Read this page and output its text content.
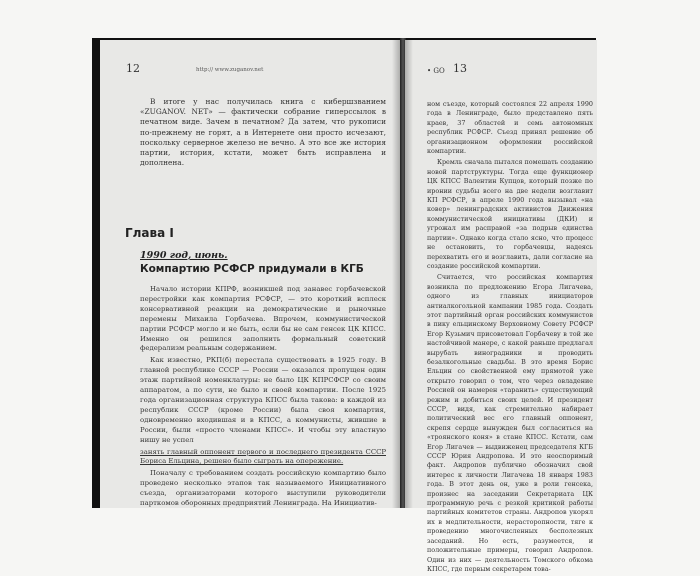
12	http:// www.zuganov.net

В итоге у нас получилась книга с кибершзванием «ZUGANOV. NET» — фактически собрание гиперссылок в печатном виде. Зачем в печатном? Да затем, что рукописи по-прежнему не горят, а в Интернете они просто исчезают, поскольку серверное железо не вечно. А это все же история партии, история, кстати, может быть исправлена и дополнена.

Глава I
1990 год, июнь.
Компартию РСФСР придумали в КГБ

Начало истории КПРФ, возникшей под занавес горбачевской перестройки как компартия РСФСР, — это короткий всплеск консервативной реакции на демократические и рыночные перемены Михаила Горбачева. Впрочем, коммунистической партии РСФСР могло и не быть, если бы не сам генсек ЦК КПСС. Именно он решился заполнить формальный советский федерализм реальным содержанием.

Как известно, РКП(б) перестала существовать в 1925 году. В главной республике СССР — России — оказался пропущен один этаж партийной номенклатуры: не было ЦК КПРСФСР со своим аппаратом, а по сути, не было и своей компартии. После 1925 года организационная структура КПСС была такова: в каждой из республик СССР (кроме России) была своя компартия, одновременно входившая и в КПСС, а коммунисты, жившие в России, были «просто членами КПСС». И чтобы эту властную нишу не успел

занять главный оппонент первого и последнего президента СССР Бориса Ельцина, решено было сыграть на опережение.

Поначалу с требованием создать российскую компартию было проведено несколько этапов так называемого Инициативного съезда, организаторами которого выступили руководители парткомов оборонных предприятий Ленинграда. На Инициатив-

• GO 13

ном съезде, который состоялся 22 апреля 1990 года в Ленинграде, было представлено пять краев, 37 областей и семь автономных республик РСФСР. Съезд принял решение об организационном оформлении российской компартии.

Кремль сначала пытался помешать созданию новой партструктуры. Тогда еще функционер ЦК КПСС Валентин Купцов, который позже по иронии судьбы всего на две недели возглавит КП РСФСР, в апреле 1990 года вызывал «на ковер» ленинградских активистов Движения коммунистической инициативы (ДКИ) и угрожал им расправой «за подрыв единства партии». Однако когда стало ясно, что процесс не остановить, то горбачевцы, надеясь перехватить его и возглавить, дали согласие на создание российской компартии.

Считается, что российская компартия возникла по предложению Егора Лигачева, одного из главных инициаторов антиалкогольной кампании 1985 года. Создать этот партийный орган российских коммунистов в пику ельцинскому Верховному Совету РСФСР Егор Кузьмич присоветовал Горбачеву в той же настойчивой манере, с какой раньше предлагал вырубать виноградники и проводить безалкогольные свадьбы. В это время Борис Ельцин со свойственной ему прямотой уже открыто говорил о том, что через овладение Россией он намерен «таранить» существующий режим и добиться своих целей. И президент СССР, видя, как стремительно набирает политический вес его главный оппонент, скрепя сердце вынужден был согласиться на «троянского коня» в стане КПСС. Кстати, сам Егор Лигачев — выдвиженец председателя КГБ СССР Юрия Андропова. И это неоспоримый факт. Андропов публично обозначил свой интерес к личности Лигачева 18 января 1983 года. В этот день он, уже в роли генсека, произнес на заседании Секретариата ЦК программную речь с резкой критикой работы партийных комитетов страны. Андропов укорял их в медлительности, нерасторопности, тяге к проведению многочисленных бесполезных заседаний. Но есть, разумеется, и положительные примеры, говорил Андропов. Один из них — деятельность Томского обкома КПСС, где первым секретарем това-
